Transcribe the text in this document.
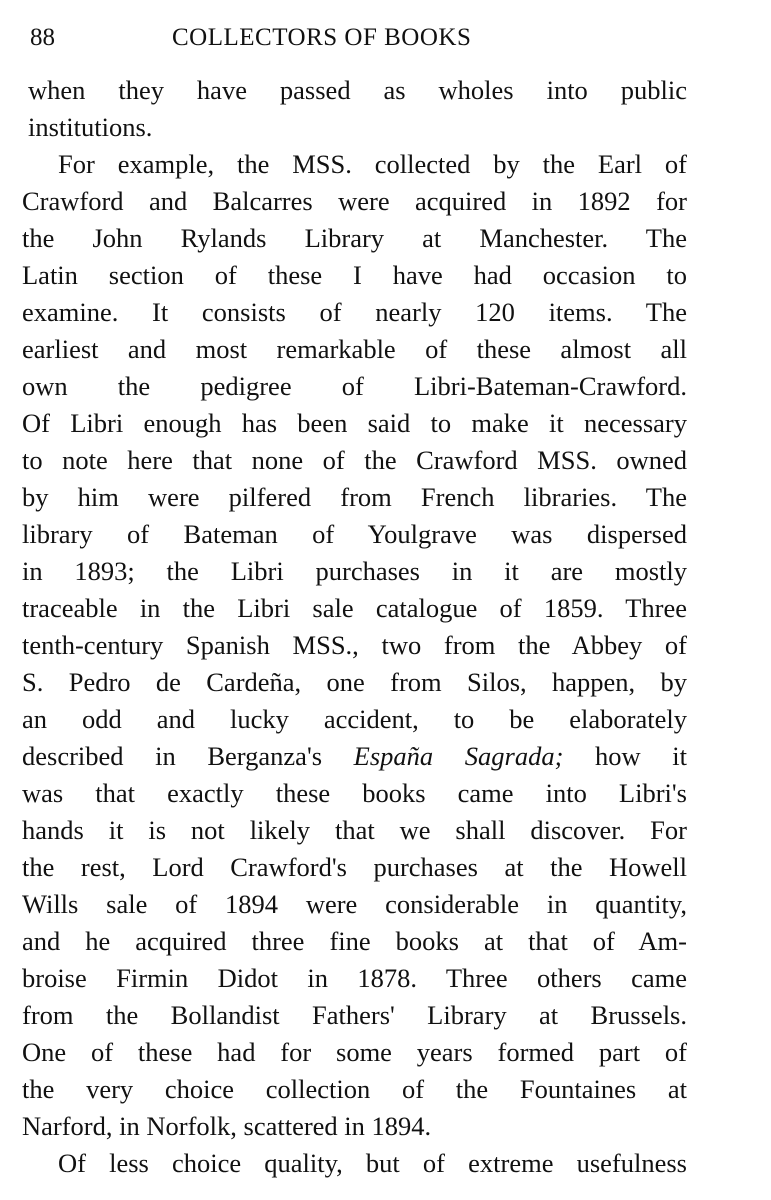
88	COLLECTORS OF BOOKS
when they have passed as wholes into public
institutions.
For example, the MSS. collected by the Earl of
Crawford and Balcarres were acquired in 1892 for
the John Rylands Library at Manchester. The
Latin section of these I have had occasion to
examine. It consists of nearly 120 items. The
earliest and most remarkable of these almost all
own the pedigree of Libri-Bateman-Crawford.
Of Libri enough has been said to make it necessary
to note here that none of the Crawford MSS. owned
by him were pilfered from French libraries. The
library of Bateman of Youlgrave was dispersed
in 1893; the Libri purchases in it are mostly
traceable in the Libri sale catalogue of 1859. Three
tenth-century Spanish MSS., two from the Abbey of
S. Pedro de Cardeña, one from Silos, happen, by
an odd and lucky accident, to be elaborately
described in Berganza's España Sagrada; how it
was that exactly these books came into Libri's
hands it is not likely that we shall discover. For
the rest, Lord Crawford's purchases at the Howell
Wills sale of 1894 were considerable in quantity,
and he acquired three fine books at that of Am-
broise Firmin Didot in 1878. Three others came
from the Bollandist Fathers' Library at Brussels.
One of these had for some years formed part of
the very choice collection of the Fountaines at
Narford, in Norfolk, scattered in 1894.
Of less choice quality, but of extreme usefulness
